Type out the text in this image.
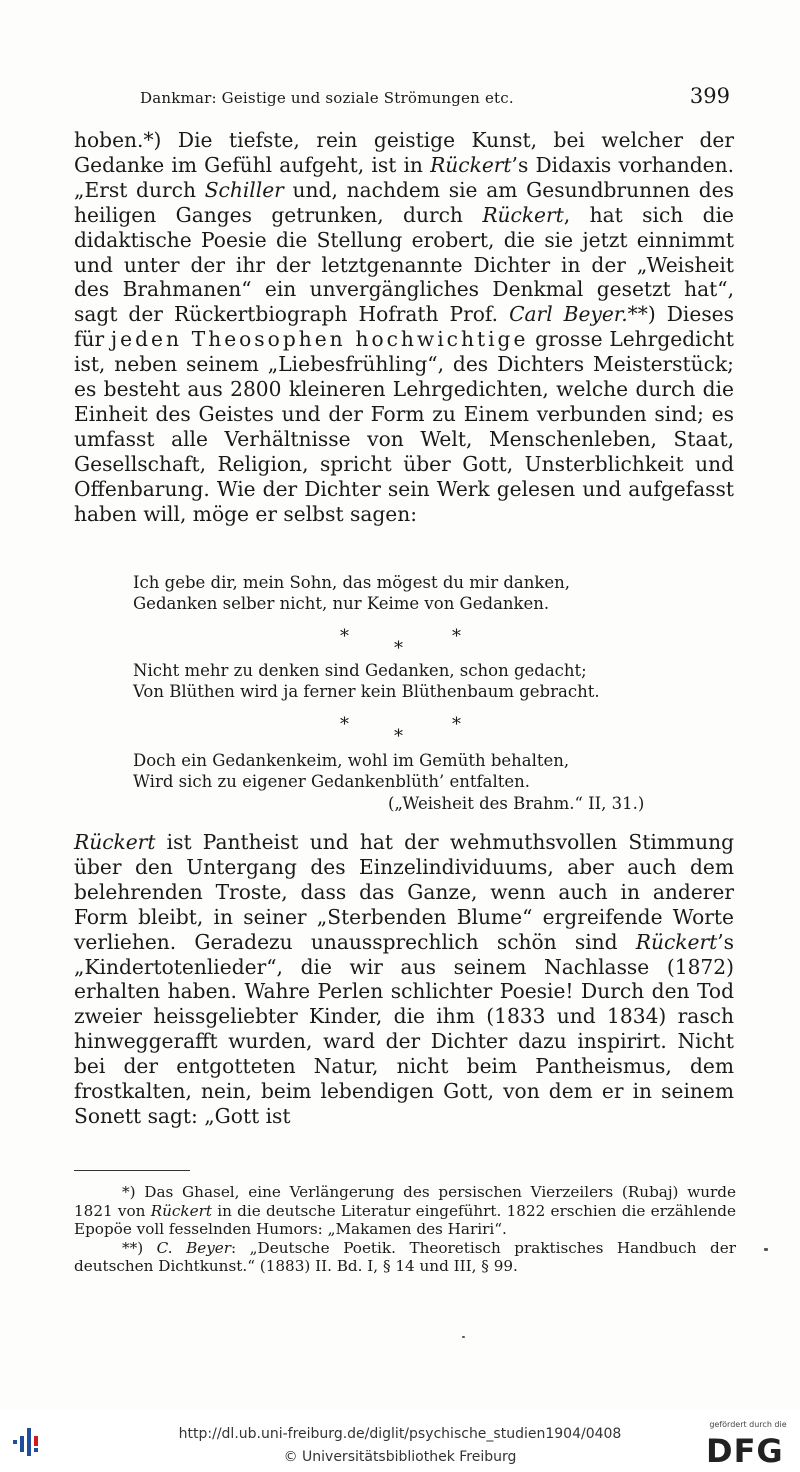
Dankmar: Geistige und soziale Strömungen etc.	399

hoben.*) Die tiefste, rein geistige Kunst, bei welcher der Gedanke im Gefühl aufgeht, ist in Rückert’s Didaxis vorhanden. „Erst durch Schiller und, nachdem sie am Gesundbrunnen des heiligen Ganges getrunken, durch Rückert, hat sich die didaktische Poesie die Stellung erobert, die sie jetzt einnimmt und unter der ihr der letztgenannte Dichter in der „Weisheit des Brahmanen“ ein unvergängliches Denkmal gesetzt hat“, sagt der Rückertbiograph Hofrath Prof. Carl Beyer.**) Dieses für jeden Theosophen hochwichtige grosse Lehrgedicht ist, neben seinem „Liebesfrühling“, des Dichters Meisterstück; es besteht aus 2800 kleineren Lehrgedichten, welche durch die Einheit des Geistes und der Form zu Einem verbunden sind; es umfasst alle Verhältnisse von Welt, Menschenleben, Staat, Gesellschaft, Religion, spricht über Gott, Unsterblichkeit und Offenbarung. Wie der Dichter sein Werk gelesen und aufgefasst haben will, möge er selbst sagen:

Ich gebe dir, mein Sohn, das mögest du mir danken,
Gedanken selber nicht, nur Keime von Gedanken.
*
*
*
Nicht mehr zu denken sind Gedanken, schon gedacht;
Von Blüthen wird ja ferner kein Blüthenbaum gebracht.
*
*
*
Doch ein Gedankenkeim, wohl im Gemüth behalten,
Wird sich zu eigener Gedankenblüth’ entfalten.
(„Weisheit des Brahm.“ II, 31.)

Rückert ist Pantheist und hat der wehmuthsvollen Stimmung über den Untergang des Einzelindividuums, aber auch dem belehrenden Troste, dass das Ganze, wenn auch in anderer Form bleibt, in seiner „Sterbenden Blume“ ergreifende Worte verliehen. Geradezu unaussprechlich schön sind Rückert’s „Kindertotenlieder“, die wir aus seinem Nachlasse (1872) erhalten haben. Wahre Perlen schlichter Poesie! Durch den Tod zweier heissgeliebter Kinder, die ihm (1833 und 1834) rasch hinweggerafft wurden, ward der Dichter dazu inspirirt. Nicht bei der entgotteten Natur, nicht beim Pantheismus, dem frostkalten, nein, beim lebendigen Gott, von dem er in seinem Sonett sagt: „Gott ist

*) Das Ghasel, eine Verlängerung des persischen Vierzeilers (Rubaj) wurde 1821 von Rückert in die deutsche Literatur eingeführt. 1822 erschien die erzählende Epopöe voll fesselnden Humors: „Makamen des Hariri“.

**) C. Beyer: „Deutsche Poetik. Theoretisch praktisches Handbuch der deutschen Dichtkunst.“ (1883) II. Bd. I, § 14 und III, § 99.

http://dl.ub.uni-freiburg.de/diglit/psychische_studien1904/0408
© Universitätsbibliothek Freiburg
gefördert durch die
DFG
